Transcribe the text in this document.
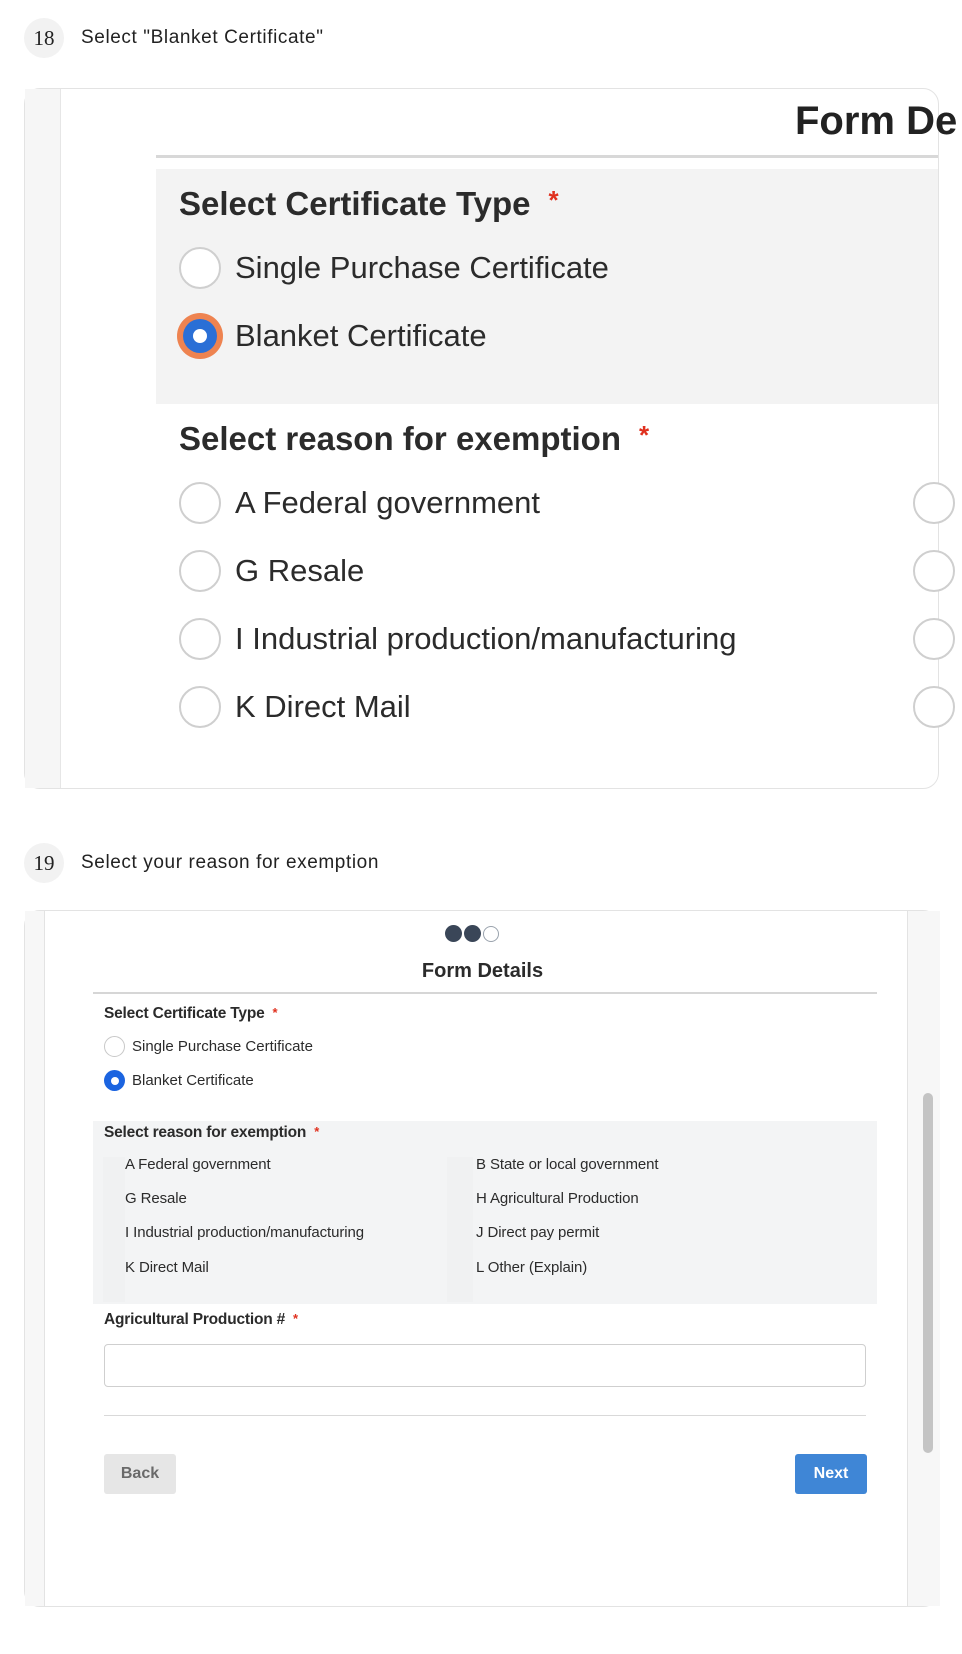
18	Select "Blanket Certificate"
Form De
Select Certificate Type *
Single Purchase Certificate
Blanket Certificate
Select reason for exemption *
A Federal government
G Resale
I Industrial production/manufacturing
K Direct Mail
19	Select your reason for exemption
Form Details
Select Certificate Type *
Single Purchase Certificate
Blanket Certificate
Select reason for exemption *
A Federal government
G Resale
I Industrial production/manufacturing
K Direct Mail
B State or local government
H Agricultural Production
J Direct pay permit
L Other (Explain)
Agricultural Production # *
Back	Next
